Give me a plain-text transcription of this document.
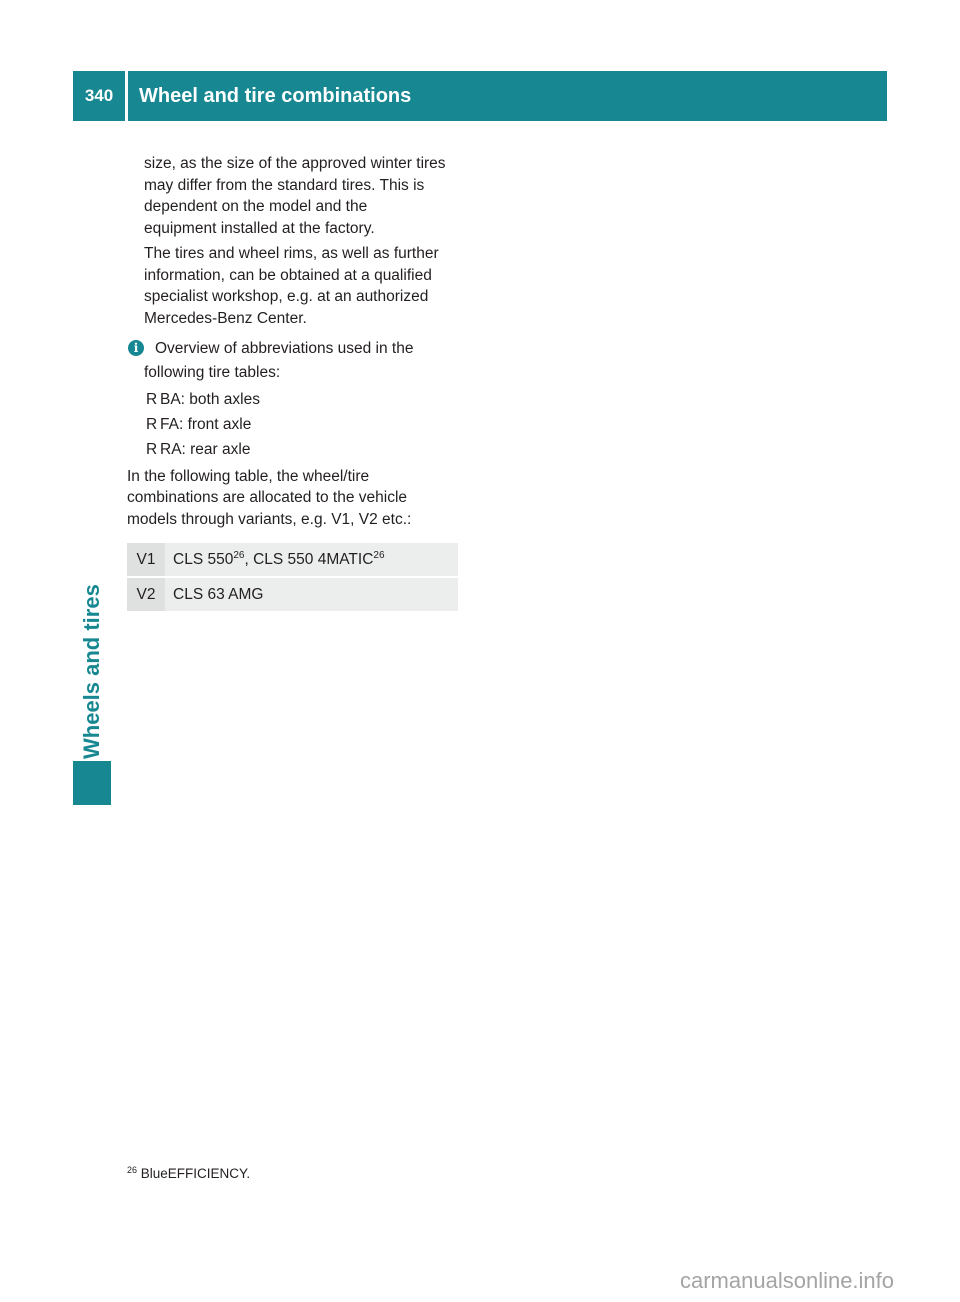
340	Wheel and tire combinations
Wheels and tires

size, as the size of the approved winter tires

may differ from the standard tires. This is

dependent on the model and the

equipment installed at the factory.

The tires and wheel rims, as well as further

information, can be obtained at a qualified

specialist workshop, e.g. at an authorized

Mercedes-Benz Center.

i	Overview of abbreviations used in the

following tire tables:

R BA: both axles
R FA: front axle
R RA: rear axle

In the following table, the wheel/tire

combinations are allocated to the vehicle

models through variants, e.g. V1, V2 etc.:

V1	CLS $550^{26}$, CLS 550 4MATIC$^{26}$
V2	CLS 63 AMG
$^{26}$ BlueEFFICIENCY.
carmanualsonline.info
